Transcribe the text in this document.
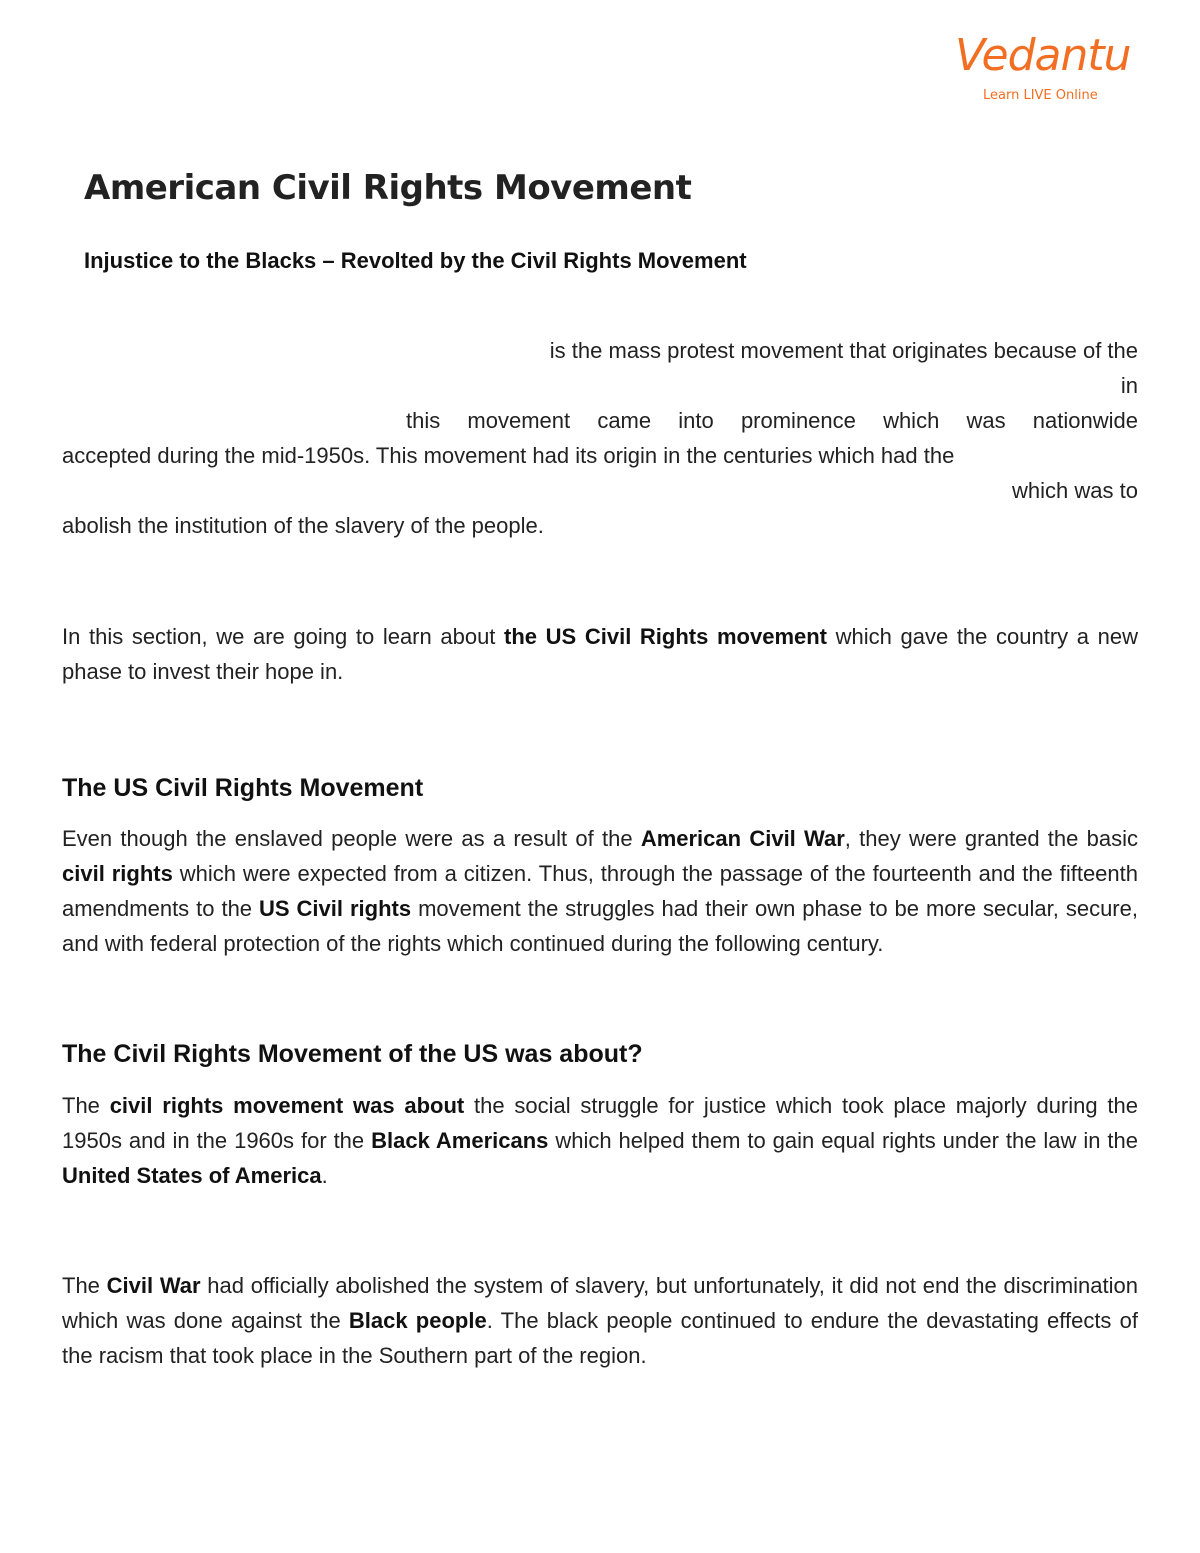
Vedantu
Learn LIVE Online
American Civil Rights Movement

Injustice to the Blacks – Revolted by the Civil Rights Movement

is the mass protest movement that originates because of the
in
this movement came into prominence which was nationwide
accepted during the mid-1950s. This movement had its origin in the centuries which had the
which was to
abolish the institution of the slavery of the people.

In this section, we are going to learn about the US Civil Rights movement which gave the country a new phase to invest their hope in.

The US Civil Rights Movement

Even though the enslaved people were as a result of the American Civil War, they were granted the basic civil rights which were expected from a citizen. Thus, through the passage of the fourteenth and the fifteenth amendments to the US Civil rights movement the struggles had their own phase to be more secular, secure, and with federal protection of the rights which continued during the following century.

The Civil Rights Movement of the US was about?

The civil rights movement was about the social struggle for justice which took place majorly during the 1950s and in the 1960s for the Black Americans which helped them to gain equal rights under the law in the United States of America.

The Civil War had officially abolished the system of slavery, but unfortunately, it did not end the discrimination which was done against the Black people. The black people continued to endure the devastating effects of the racism that took place in the Southern part of the region.
